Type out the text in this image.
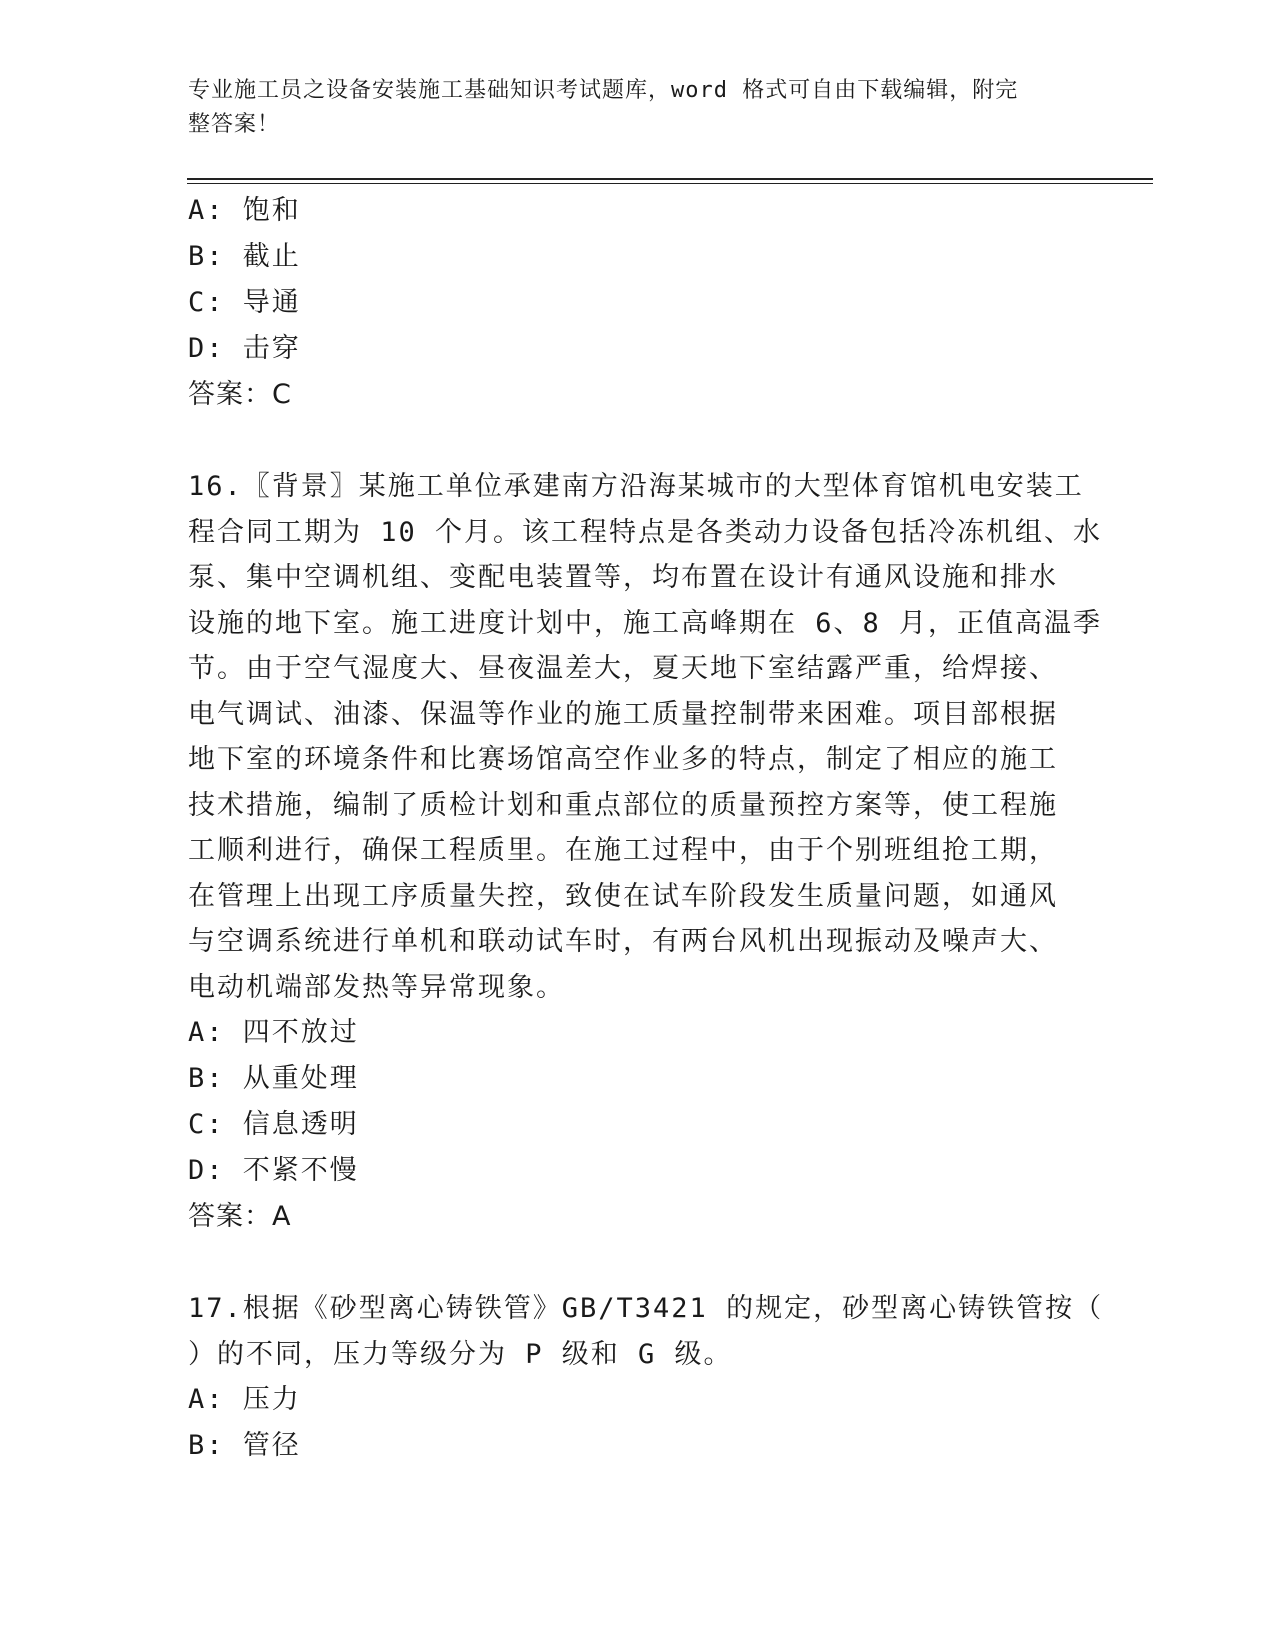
专业施工员之设备安装施工基础知识考试题库，word 格式可自由下载编辑，附完
整答案！
A: 饱和
B: 截止
C: 导通
D: 击穿
答案：C
16.〖背景〗某施工单位承建南方沿海某城市的大型体育馆机电安装工
程合同工期为 10 个月。该工程特点是各类动力设备包括冷冻机组、水
泵、集中空调机组、变配电装置等，均布置在设计有通风设施和排水
设施的地下室。施工进度计划中，施工高峰期在 6、8 月，正值高温季
节。由于空气湿度大、昼夜温差大，夏天地下室结露严重，给焊接、
电气调试、油漆、保温等作业的施工质量控制带来困难。项目部根据
地下室的环境条件和比赛场馆高空作业多的特点，制定了相应的施工
技术措施，编制了质检计划和重点部位的质量预控方案等，使工程施
工顺利进行，确保工程质里。在施工过程中，由于个别班组抢工期，
在管理上出现工序质量失控，致使在试车阶段发生质量问题，如通风
与空调系统进行单机和联动试车时，有两台风机出现振动及噪声大、
电动机端部发热等异常现象。
A: 四不放过
B: 从重处理
C: 信息透明
D: 不紧不慢
答案：A
17.根据《砂型离心铸铁管》GB/T3421 的规定，砂型离心铸铁管按（
）的不同，压力等级分为 P 级和 G 级。
A: 压力
B: 管径
